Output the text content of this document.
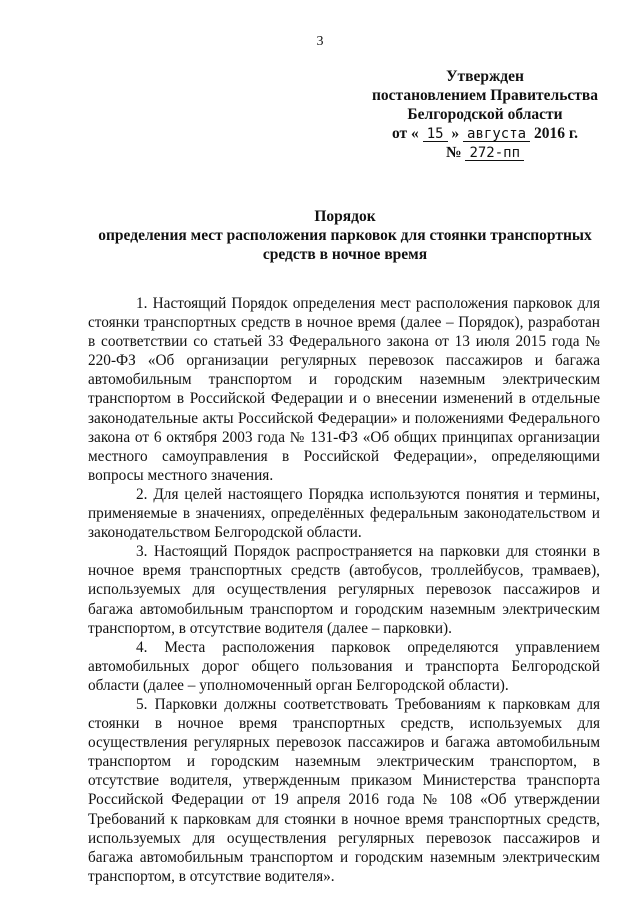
3
Утвержден
постановлением Правительства
Белгородской области
от « 15 » августа 2016 г.
№ 272-пп
Порядок
определения мест расположения парковок для стоянки транспортных средств в ночное время

1. Настоящий Порядок определения мест расположения парковок для стоянки транспортных средств в ночное время (далее – Порядок), разработан в соответствии со статьей 33 Федерального закона от 13 июля 2015 года № 220-ФЗ «Об организации регулярных перевозок пассажиров и багажа автомобильным транспортом и городским наземным электрическим транспортом в Российской Федерации и о внесении изменений в отдельные законодательные акты Российской Федерации» и положениями Федерального закона от 6 октября 2003 года № 131-ФЗ «Об общих принципах организации местного самоуправления в Российской Федерации», определяющими вопросы местного значения.

2. Для целей настоящего Порядка используются понятия и термины, применяемые в значениях, определённых федеральным законодательством и законодательством Белгородской области.

3. Настоящий Порядок распространяется на парковки для стоянки в ночное время транспортных средств (автобусов, троллейбусов, трамваев), используемых для осуществления регулярных перевозок пассажиров и багажа автомобильным транспортом и городским наземным электрическим транспортом, в отсутствие водителя (далее – парковки).

4. Места расположения парковок определяются управлением автомобильных дорог общего пользования и транспорта Белгородской области (далее – уполномоченный орган Белгородской области).

5. Парковки должны соответствовать Требованиям к парковкам для стоянки в ночное время транспортных средств, используемых для осуществления регулярных перевозок пассажиров и багажа автомобильным транспортом и городским наземным электрическим транспортом, в отсутствие водителя, утвержденным приказом Министерства транспорта Российской Федерации от 19 апреля 2016 года № 108 «Об утверждении Требований к парковкам для стоянки в ночное время транспортных средств, используемых для осуществления регулярных перевозок пассажиров и багажа автомобильным транспортом и городским наземным электрическим транспортом, в отсутствие водителя».
